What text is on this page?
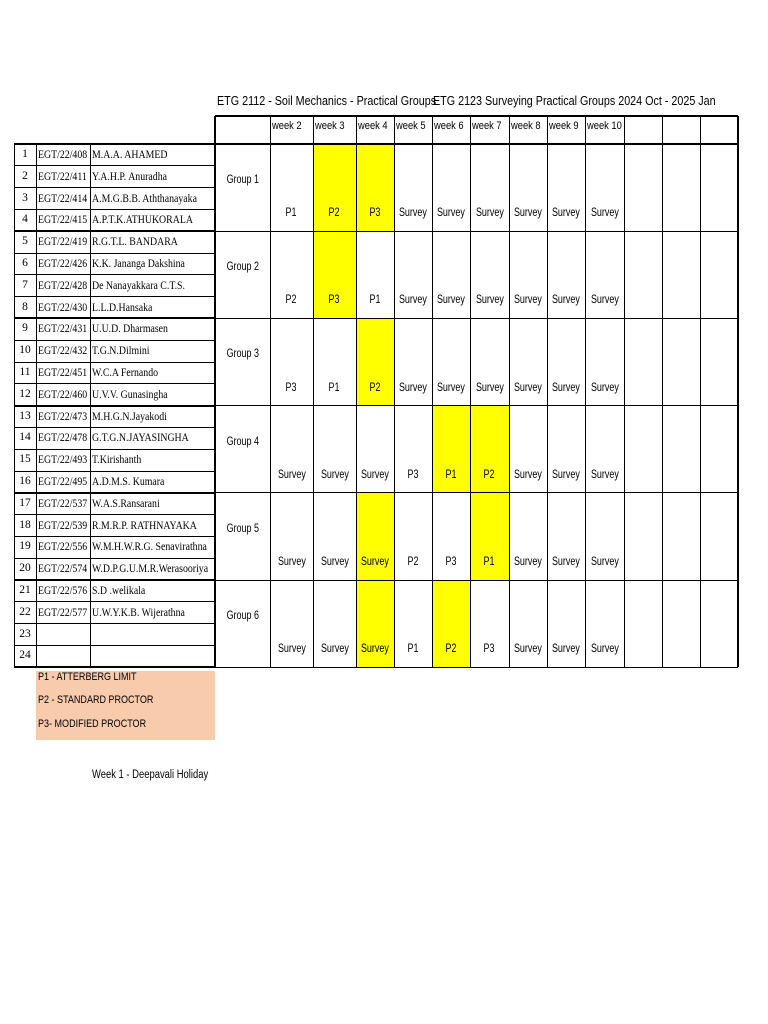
ETG 2112 - Soil Mechanics - Practical Groups
ETG 2123 Surveying Practical Groups 2024 Oct - 2025 Jan
week 2	week 3	week 4 week 5 week 6 week 7 week 8 week 9 week 10
1 EGT/22/408 M.A.A. AHAMED
2 EGT/22/411 Y.A.H.P. Anuradha
3 EGT/22/414 A.M.G.B.B. Aththanayaka
4 EGT/22/415 A.P.T.K.ATHUKORALA
5 EGT/22/419 R.G.T.L. BANDARA
6 EGT/22/426 K.K. Jananga Dakshina
7 EGT/22/428 De Nanayakkara C.T.S.
8 EGT/22/430 L.L.D.Hansaka
9 EGT/22/431 U.U.D. Dharmasen
10 EGT/22/432 T.G.N.Dilmini
11 EGT/22/451 W.C.A Fernando
12 EGT/22/460 U.V.V. Gunasingha
13 EGT/22/473 M.H.G.N.Jayakodi
14 EGT/22/478 G.T.G.N.JAYASINGHA
15 EGT/22/493 T.Kirishanth
16 EGT/22/495 A.D.M.S. Kumara
17 EGT/22/537 W.A.S.Ransarani
18 EGT/22/539 R.M.R.P. RATHNAYAKA
19 EGT/22/556 W.M.H.W.R.G. Senavirathna
20 EGT/22/574 W.D.P.G.U.M.R.Werasooriya
21 EGT/22/576 S.D .welikala
22 EGT/22/577 U.W.Y.K.B. Wijerathna
23
24
Group 1
P1	P2	P3	Survey Survey Survey Survey Survey Survey
Group 2
P2	P3	P1	Survey Survey Survey Survey Survey Survey
Group 3
P3	P1	P2	Survey Survey Survey Survey Survey Survey
Group 4
Survey	Survey	Survey	P3	P1	P2	Survey Survey Survey
Group 5
Survey	Survey	Survey	P2	P3	P1	Survey Survey Survey
Group 6
Survey	Survey	Survey	P1	P2	P3	Survey Survey Survey
P1 - ATTERBERG LIMIT
P2 - STANDARD PROCTOR
P3- MODIFIED PROCTOR
Week 1 - Deepavali Holiday
